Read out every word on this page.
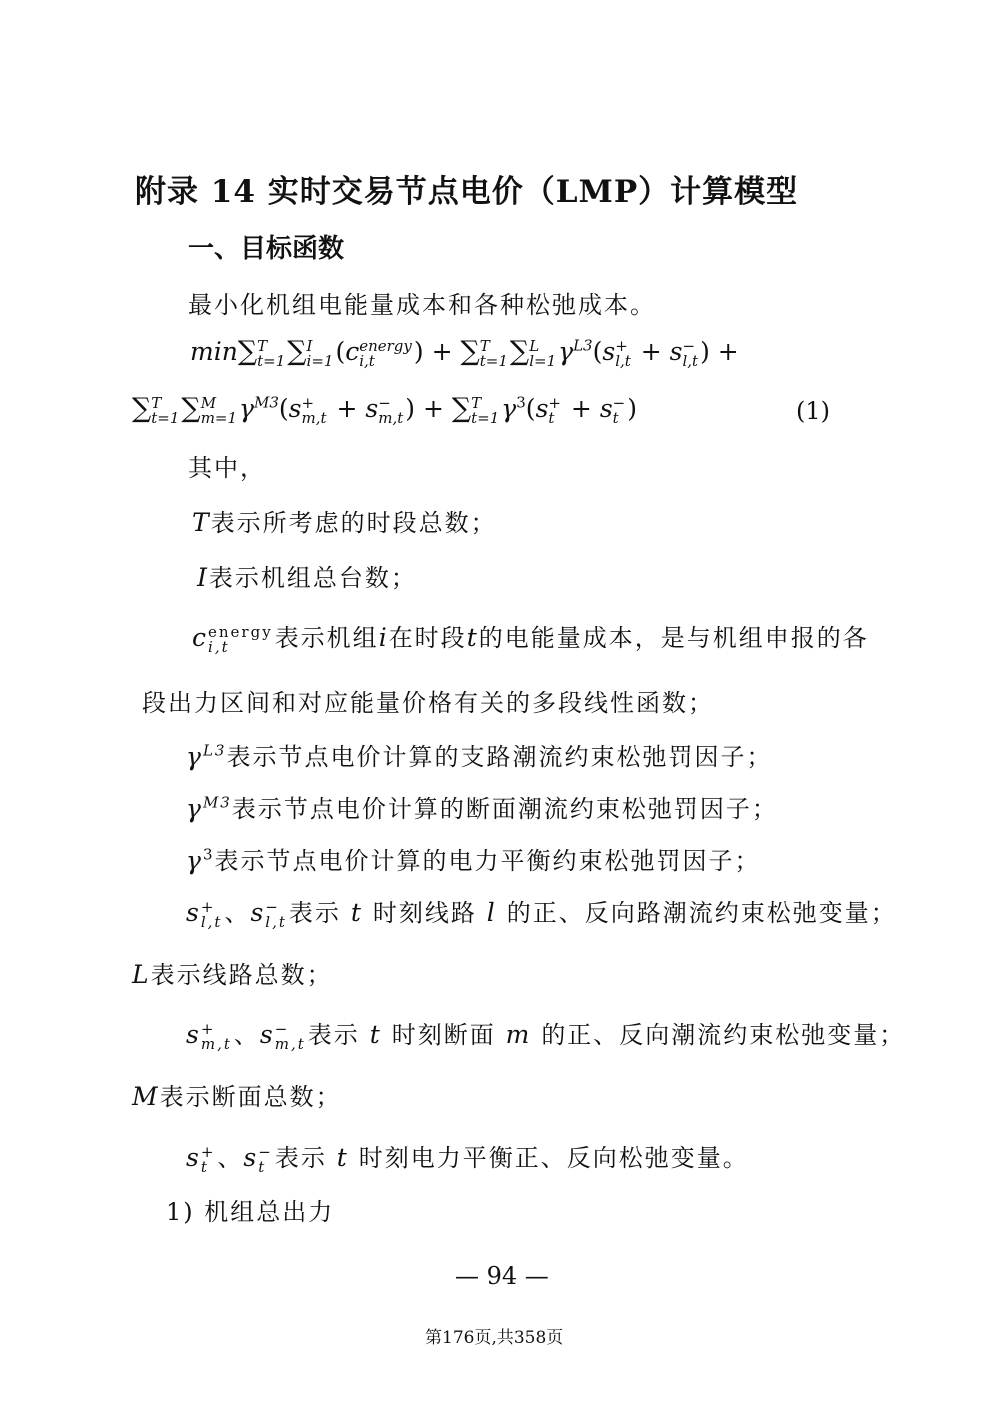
附录 14 实时交易节点电价（LMP）计算模型
一、目标函数
最小化机组电能量成本和各种松弛成本。
min∑ T
t=1 ∑ I
i=1 (c energy
i,t	) + ∑ T
t=1 ∑ L
l=1 $\gamma^{L3}(s$ +
l,t + s −
l,t ) +
∑ T
t=1 ∑ M
m=1 $\gamma^{M3}(s$ +
m,t + s −
m,t ) + ∑ T
t=1 $\gamma^3(s$ +
t + s −
t )	(1)
其中，
T表示所考虑的时段总数；
I表示机组总台数；
c energy
i,t	表示机组i在时段t的电能量成本，是与机组申报的各
段出力区间和对应能量价格有关的多段线性函数；
$\gamma^{L3}$表示节点电价计算的支路潮流约束松弛罚因子；
$\gamma^{M3}$表示节点电价计算的断面潮流约束松弛罚因子；
$\gamma^3$表示节点电价计算的电力平衡约束松弛罚因子；
s +
l,t 、s −
l,t 表示 t 时刻线路 l 的正、反向路潮流约束松弛变量；
L表示线路总数；
s +
m,t 、s −
m,t 表示 t 时刻断面 m 的正、反向潮流约束松弛变量；
M表示断面总数；
s +
t 、s −
t 表示 t 时刻电力平衡正、反向松弛变量。
1) 机组总出力
— 94 —
第176页,共358页
